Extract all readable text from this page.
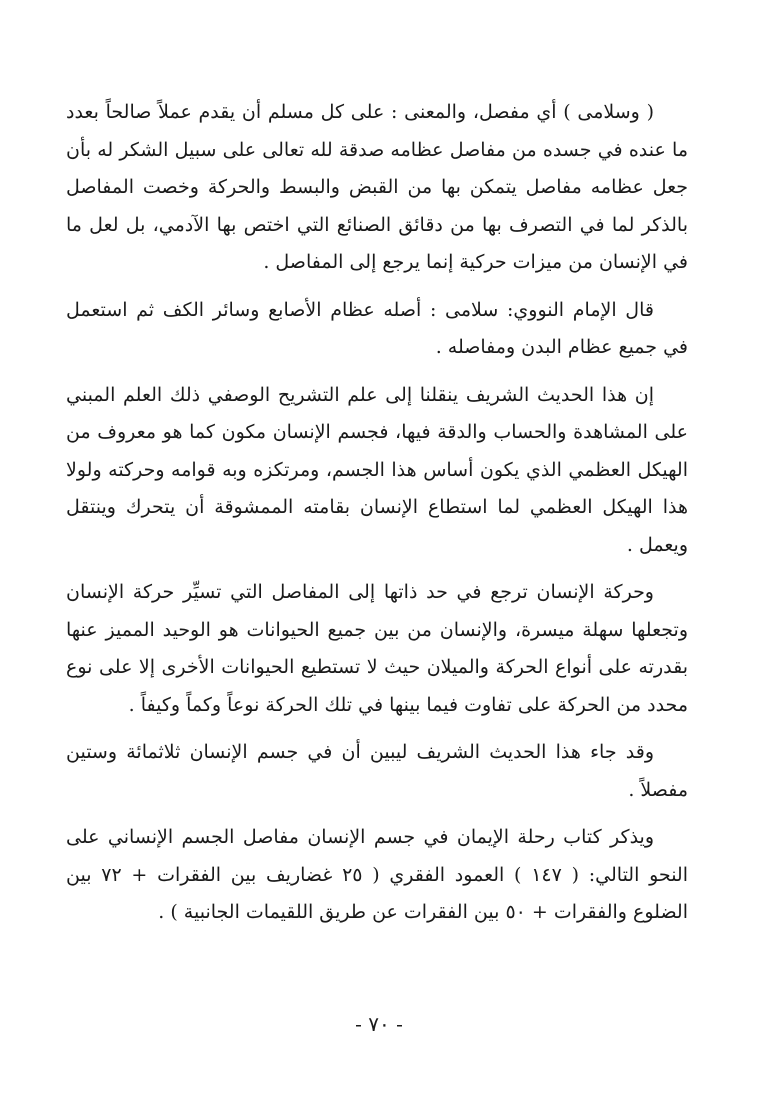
( وسلامى ) أي مفصل، والمعنى : على كل مسلم أن يقدم عملاً صالحاً بعدد ما عنده في جسده من مفاصل عظامه صدقة لله تعالى على سبيل الشكر له بأن جعل عظامه مفاصل يتمكن بها من القبض والبسط والحركة وخصت المفاصل بالذكر لما في التصرف بها من دقائق الصنائع التي اختص بها الآدمي، بل لعل ما في الإنسان من ميزات حركية إنما يرجع إلى المفاصل .

قال الإمام النووي: سلامى : أصله عظام الأصابع وسائر الكف ثم استعمل في جميع عظام البدن ومفاصله .

إن هذا الحديث الشريف ينقلنا إلى علم التشريح الوصفي ذلك العلم المبني على المشاهدة والحساب والدقة فيها، فجسم الإنسان مكون كما هو معروف من الهيكل العظمي الذي يكون أساس هذا الجسم، ومرتكزه وبه قوامه وحركته ولولا هذا الهيكل العظمي لما استطاع الإنسان بقامته الممشوقة أن يتحرك وينتقل ويعمل .

وحركة الإنسان ترجع في حد ذاتها إلى المفاصل التي تسيِّر حركة الإنسان وتجعلها سهلة ميسرة، والإنسان من بين جميع الحيوانات هو الوحيد المميز عنها بقدرته على أنواع الحركة والميلان حيث لا تستطيع الحيوانات الأخرى إلا على نوع محدد من الحركة على تفاوت فيما بينها في تلك الحركة نوعاً وكماً وكيفاً .

وقد جاء هذا الحديث الشريف ليبين أن في جسم الإنسان ثلاثمائة وستين مفصلاً .

ويذكر كتاب رحلة الإيمان في جسم الإنسان مفاصل الجسم الإنساني على النحو التالي: ( ١٤٧ ) العمود الفقري ( ٢٥ غضاريف بين الفقرات + ٧٢ بين الضلوع والفقرات + ٥٠ بين الفقرات عن طريق اللقيمات الجانبية ) .

- ٧٠ -
